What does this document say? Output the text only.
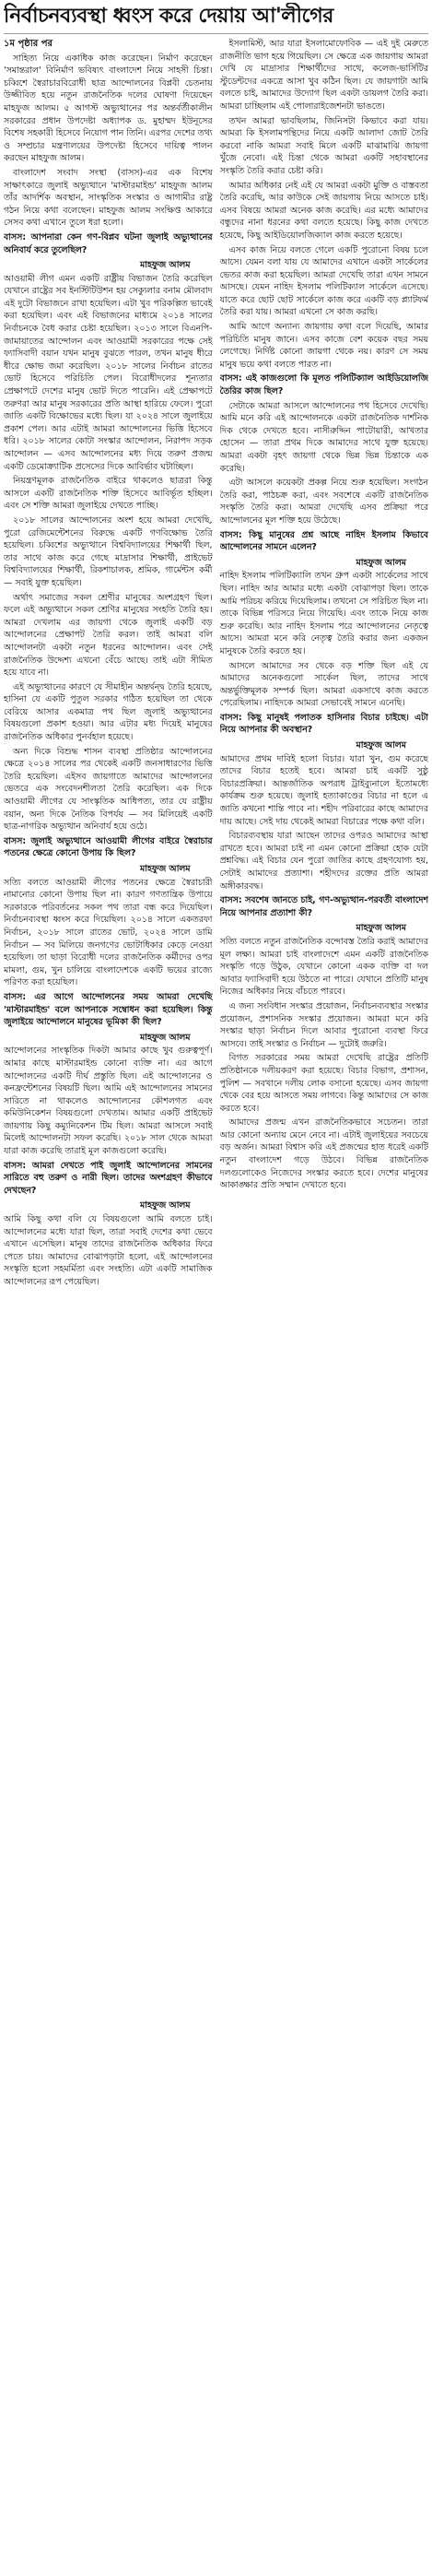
নির্বাচনব্যবস্থা ধ্বংস করে দেয়ায় আ'লীগের
১ম পৃষ্ঠার পর

সাহিত্য নিয়ে একাধিক কাজ করেছেন। নির্মাণ করেছেন 'সমান্তরাল' বিনির্মাণ ভবিষ্যৎ বাংলাদেশ নিয়ে সাহসী চিন্তা। চব্বিশে স্বৈরাচারবিরোধী ছাত্র আন্দোলনের বিপ্লবী চেতনায় উজ্জীবিত হয়ে নতুন রাজনৈতিক দলের ঘোষণা দিয়েছেন মাহফুজ আলম। ৫ আগস্ট অভ্যুত্থানের পর অন্তর্বর্তীকালীন সরকারের প্রধান উপদেষ্টা অধ্যাপক ড. মুহাম্মদ ইউনূসের বিশেষ সহকারী হিসেবে নিয়োগ পান তিনি। এরপর দেশের তথ্য ও সম্প্রচার মন্ত্রণালয়ের উপদেষ্টা হিসেবে দায়িত্ব পালন করছেন মাহফুজ আলম।

বাংলাদেশ সংবাদ সংস্থা (বাসস)-এর এক বিশেষ সাক্ষাৎকারে জুলাই অভ্যুত্থানে 'মাস্টারমাইন্ড' মাহফুজ আলম তাঁর আদর্শিক অবস্থান, সাংস্কৃতিক সংস্কার ও আগামীর রাষ্ট্র গঠন নিয়ে কথা বলেছেন। মাহফুজ আলম সংক্ষিপ্ত আকারে সেসব কথা এখানে তুলে ধরা হলো।

বাসস: আপনারা কেন গণ-বিপ্লব ঘটনা জুলাই অভ্যুত্থানের অনিবার্য করে তুলেছিল?

মাহফুজ আলম
আওয়ামী লীগ এমন একটি রাষ্ট্রীয় বিভাজন তৈরি করেছিল যেখানে রাষ্ট্রের সব ইনস্টিটিউশন হয় সেক্যুলার বনাম মৌলবাদ এই দুটো বিভাজনে রাখা হয়েছিল। এটা খুব পরিকল্পিত ভাবেই করা হয়েছিল। এবং এই বিভাজনের মাধ্যমে ২০১৪ সালের নির্বাচনকে বৈধ করার চেষ্টা হয়েছিল। ২০১৩ সালে বিএনপি-জামায়াতের আন্দোলন এবং আওয়ামী সরকারের পক্ষে সেই ফ্যাসিবাদী বয়ান যখন মানুষ বুঝতে পারল, তখন মানুষ ধীরে ধীরে ক্ষোভ জমা করেছিল। ২০১৮ সালের নির্বাচন রাতের ভোট হিসেবে পরিচিতি পেল। বিরোধীদলের শূন্যতার প্রেক্ষাপটে দেশের মানুষ ভোট দিতে পারেনি। এই প্রেক্ষাপটে তরুণরা আর মানুষ সরকারের প্রতি আস্থা হারিয়ে ফেলে। পুরো জাতি একটি বিক্ষোভের মধ্যে ছিল। যা ২০২৪ সালে জুলাইয়ে প্রকাশ পেল। আর এটাই আমরা আন্দোলনের ভিত্তি হিসেবে ধরি। ২০১৮ সালের কোটা সংস্কার আন্দোলন, নিরাপদ সড়ক আন্দোলন — এসব আন্দোলনের মধ্য দিয়ে তরুণ প্রজন্ম একটি ডেমোক্র্যাটিক প্রসেসের দিকে আবির্ভাব ঘটাচ্ছিল।

নিয়ন্ত্রণমূলক রাজনৈতিক বাইরে থাকলেও ছাত্ররা কিন্তু আসলে একটি রাজনৈতিক শক্তি হিসেবে আবির্ভূত হচ্ছিল। এবং সে শক্তি আমরা জুলাইয়ে দেখতে পাচ্ছি।

২০১৮ সালের আন্দোলনের অংশ হয়ে আমরা দেখেছি, পুরো রেজিমেন্টেশনের বিরুদ্ধে একটি গণবিক্ষোভ তৈরি হয়েছিল। চব্বিশের অভ্যুত্থানে বিশ্ববিদ্যালয়ের শিক্ষার্থী ছিল, তার সাথে কাজ করে গেছে মাদ্রাসার শিক্ষার্থী, প্রাইভেট বিশ্ববিদ্যালয়ের শিক্ষার্থী, রিকশাচালক, শ্রমিক, গার্মেন্টস কর্মী — সবাই যুক্ত হয়েছিল।

অর্থাৎ সমাজের সকল শ্রেণীর মানুষের অংশগ্রহণ ছিল। ফলে এই অভ্যুত্থানে সকল শ্রেণির মানুষের সংহতি তৈরি হয়। আমরা দেখলাম এর জায়গা থেকে জুলাই একটি বড় আন্দোলনের প্রেক্ষাপট তৈরি করল। তাই আমরা বলি আন্দোলনটা একটা নতুন ধরনের আন্দোলন। এবং সেই রাজনৈতিক উদ্দেশ্য এখনো বেঁচে আছে। তাই এটা সীমিত হয়ে যাবে না।

এই অভ্যুত্থানের কারণে যে সীমাহীন অন্তর্দ্বন্দ্ব তৈরি হয়েছে, হাসিনা যে একটি পুতুল সরকার গঠিত হয়েছিল তা থেকে বেরিয়ে আসার একমাত্র পথ ছিল জুলাই অভ্যুত্থানের বিষয়গুলো প্রকাশ হওয়া। আর এটার মধ্য দিয়েই মানুষের রাজনৈতিক অধিকার পুনর্বহাল হয়েছে।

অন্য দিকে বিশুদ্ধ শাসন ব্যবস্থা প্রতিষ্ঠার আন্দোলনের ক্ষেত্রে ২০১৪ সালের পর থেকেই একটি জনসাধারণের ভিত্তি তৈরি হয়েছিল। এইসব জায়গাতে আমাদের আন্দোলনের ভেতরে এক সংবেদনশীলতা তৈরি করেছিল। এক দিকে আওয়ামী লীগের যে সাংস্কৃতিক আধিপত্য, তার যে রাষ্ট্রীয় বয়ান, অন্য দিকে নৈতিক বিপর্যয় — সব মিলিয়েই একটি ছাত্র-নাগরিক অভ্যুত্থান অনিবার্য হয়ে ওঠে।

বাসস: জুলাই অভ্যুত্থানে আওয়ামী লীগের বাইরে স্বৈরাচার পতনের ক্ষেত্রে কোনো উপায় কি ছিল?

মাহফুজ আলম
সত্যি বলতে আওয়ামী লীগের পতনের ক্ষেত্রে স্বৈরাচারী নামানোর কোনো উপায় ছিল না। কারণ গণতান্ত্রিক উপায়ে সরকারকে পরিবর্তনের সকল পথ তারা বন্ধ করে দিয়েছিল। নির্বাচনব্যবস্থা ধ্বংস করে দিয়েছিল। ২০১৪ সালে একতরফা নির্বাচন, ২০১৮ সালে রাতের ভোট, ২০২৪ সালে ডামি নির্বাচন — সব মিলিয়ে জনগণের ভোটাধিকার কেড়ে নেওয়া হয়েছিল। তা ছাড়া বিরোধী দলের রাজনৈতিক কর্মীদের ওপর মামলা, গুম, খুন চালিয়ে বাংলাদেশকে একটি ভয়ের রাজ্যে পরিণত করা হয়েছিল।

বাসস: এর আগে আন্দোলনের সময় আমরা দেখেছি 'মাস্টারমাইন্ড' বলে আপনাকে সম্বোধন করা হয়েছিল। কিন্তু জুলাইয়ে আন্দোলনে মানুষের ভূমিকা কী ছিল?

মাহফুজ আলম
আন্দোলনের সাংস্কৃতিক দিকটা আমার কাছে খুব গুরুত্বপূর্ণ। আমার কাছে মাস্টারমাইন্ড কোনো ব্যক্তি না। এর আগে আন্দোলনের একটি দীর্ঘ প্রস্তুতি ছিল। এই আন্দোলনের ও কনফ্রন্টেশনের বিষয়টি ছিল। আমি এই আন্দোলনের সামনের সারিতে না থাকলেও আন্দোলনের কৌশলগত এবং কমিউনিকেশন বিষয়গুলো দেখতাম। আমার একটি প্রাইভেট জায়গায় কিছু কম্যুনিকেশন টিম ছিল। আমরা আসলে সবাই মিলেই আন্দোলনটা সফল করেছি। ২০১৮ সাল থেকে আমরা যারা কাজ করেছি তারাই মূল কাজগুলো করেছি।

বাসস: আমরা দেখতে পাই জুলাই আন্দোলনের সামনের সারিতে বহু তরুণ ও নারী ছিল। তাদের অংশগ্রহণ কীভাবে দেখছেন?

মাহফুজ আলম
আমি কিছু কথা বলি যে বিষয়গুলো আমি বলতে চাই। আন্দোলনের মধ্যে যারা ছিল, তারা সবাই দেশের কথা ভেবে এখানে এসেছিল। মানুষ তাদের রাজনৈতিক অধিকার ফিরে পেতে চায়। আমাদের বোঝাপড়াটা হলো, এই আন্দোলনের সংস্কৃতি হলো সহমর্মিতা এবং সংহতি। এটা একটি সামাজিক আন্দোলনের রূপ পেয়েছিল।

ইসলামিস্ট, আর যারা ইসলামোফোবিক — এই দুই মেরুতে রাজনীতি ভাগ হয়ে গিয়েছিল। সে ক্ষেত্রে এক জায়গায় আমরা দেখি যে মাদ্রাসার শিক্ষার্থীদের সাথে, কলেজ-ভার্সিটির স্টুডেন্টদের একত্রে আসা খুব কঠিন ছিল। যে জায়গাটা আমি বলতে চাই, আমাদের উদ্যোগ ছিল একটা ডায়লগ তৈরি করা। আমরা চাচ্ছিলাম এই পোলারাইজেশনটা ভাঙতে।

তখন আমরা ভাবছিলাম, জিনিসটা কিভাবে করা যায়। আমরা কি ইসলামপন্থিদের নিয়ে একটি আলাদা জোট তৈরি করবো নাকি আমরা সবাই মিলে একটি মাঝামাঝি জায়গা খুঁজে নেবো। এই চিন্তা থেকে আমরা একটি সহাবস্থানের সংস্কৃতি তৈরি করার চেষ্টা করি।

আমার অধিকার নেই এই যে আমরা একটা মুক্তি ও বাস্তবতা তৈরি করেছি, আর কাউকে সেই জায়গায় নিয়ে আসতে চাই। এসব বিষয়ে আমরা অনেক কাজ করেছি। এর মধ্যে আমাদের বন্ধুদের নানা ধরনের কথা বলতে হয়েছে। কিছু কাজ দেখতে হয়েছে, কিছু আইডিয়োলজিক্যাল কাজ করতে হয়েছে।

এসব কাজ নিয়ে বলতে গেলে একটি পুরোনো বিষয় চলে আসে। যেমন বলা যায় যে আমাদের এখানে একটা সার্কেলের ভেতর কাজ করা হয়েছিল। আমরা দেখেছি তারা এখন সামনে আসছে। যেমন নাহিদ ইসলাম পলিটিক্যাল সার্কেলে এসেছে। যাতে করে ছোট ছোট সার্কেলে কাজ করে একটি বড় প্ল্যাটফর্ম তৈরি করা যায়। আমরা এখনো সে কাজ করছি।

আমি আগে অন্যান্য জায়গায় কথা বলে দিয়েছি, আমার পরিচিতি মানুষ জানে। এসব কাজে বেশ কয়েক বছর সময় লেগেছে। নির্দিষ্ট কোনো জায়গা থেকে নয়। কারণ সে সময় মানুষ ভয়ে কথা বলতে পারত না।

বাসস: এই কাজগুলো কি মূলত পলিটিক্যাল আইডিয়োলজি তৈরির কাজ ছিল?

সেটাকে আমরা আসলে আন্দোলনের পথ হিসেবে দেখেছি। আমি মনে করি এই আন্দোলনকে একটা রাজনৈতিক দার্শনিক দিক থেকে দেখতে হবে। নাসীরুদ্দিন পাটোয়ারী, আখতার হোসেন — তারা প্রথম দিকে আমাদের সাথে যুক্ত হয়েছে। আমরা একটা বৃহৎ জায়গা থেকে ভিন্ন ভিন্ন চিন্তাকে এক করেছি।

এটা আসলে কয়েকটা প্রকল্প নিয়ে শুরু হয়েছিল। সংগঠন তৈরি করা, পাঠচক্র করা, এবং সবশেষে একটি রাজনৈতিক সংস্কৃতি তৈরি করা। আমরা দেখেছি এসব প্রক্রিয়া পরে আন্দোলনের মূল শক্তি হয়ে উঠেছে।

বাসস: কিছু মানুষের প্রশ্ন আছে নাহিদ ইসলাম কিভাবে আন্দোলনের সামনে এলেন?

মাহফুজ আলম
নাহিদ ইসলাম পলিটিক্যালি তখন গ্রুপ একটা সার্কেলের সাথে ছিল। নাহিদ আর আমার মধ্যে একটা বোঝাপড়া ছিল। তাকে আমি পরিচয় করিয়ে দিয়েছিলাম। তখনো সে পরিচিত ছিল না। তাকে বিভিন্ন পরিসরে নিয়ে গিয়েছি। এবং তাকে নিয়ে কাজ শুরু করেছি। আর নাহিদ ইসলাম পরে আন্দোলনের নেতৃত্বে আসে। আমরা মনে করি নেতৃত্ব তৈরি করার জন্য একজন মানুষকে তৈরি করতে হয়।

আসলে আমাদের সব থেকে বড় শক্তি ছিল এই যে আমাদের অনেকগুলো সার্কেল ছিল, তাদের সাথে অন্তর্ভুক্তিমূলক সম্পর্ক ছিল। আমরা একসাথে কাজ করতে পেরেছিলাম। নাহিদকে আমরা সেভাবেই সামনে এনেছি।

বাসস: কিছু মানুষই পলাতক হাসিনার বিচার চাইছে। এটা নিয়ে আপনার কী অবস্থান?

মাহফুজ আলম
আমাদের প্রথম দাবিই হলো বিচার। যারা খুন, গুম করেছে তাদের বিচার হতেই হবে। আমরা চাই একটি সুষ্ঠু বিচারপ্রক্রিয়া। আন্তর্জাতিক অপরাধ ট্রাইব্যুনালে ইতোমধ্যে কার্যক্রম শুরু হয়েছে। জুলাই হত্যাকাণ্ডের বিচার না হলে এ জাতি কখনো শান্তি পাবে না। শহীদ পরিবারের কাছে আমাদের দায় আছে। সেই দায় থেকেই আমরা বিচারের পক্ষে কথা বলি।

বিচারব্যবস্থায় যারা আছেন তাদের ওপরও আমাদের আস্থা রাখতে হবে। আমরা চাই না এমন কোনো প্রক্রিয়া হোক যেটা প্রশ্নবিদ্ধ। এই বিচার যেন পুরো জাতির কাছে গ্রহণযোগ্য হয়, সেটাই আমাদের প্রত্যাশা। শহীদদের রক্তের প্রতি আমরা অঙ্গীকারবদ্ধ।

বাসস: সবশেষ জানতে চাই, গণ-অভ্যুত্থান-পরবর্তী বাংলাদেশ নিয়ে আপনার প্রত্যাশা কী?

মাহফুজ আলম
সত্যি বলতে নতুন রাজনৈতিক বন্দোবস্ত তৈরি করাই আমাদের মূল লক্ষ্য। আমরা চাই বাংলাদেশে এমন একটি রাজনৈতিক সংস্কৃতি গড়ে উঠুক, যেখানে কোনো একক ব্যক্তি বা দল আবার ফ্যাসিবাদী হয়ে উঠতে না পারে। যেখানে প্রতিটি মানুষ নিজের অধিকার নিয়ে বাঁচতে পারবে।

এ জন্য সংবিধান সংস্কার প্রয়োজন, নির্বাচনব্যবস্থার সংস্কার প্রয়োজন, প্রশাসনিক সংস্কার প্রয়োজন। আমরা মনে করি সংস্কার ছাড়া নির্বাচন দিলে আবার পুরোনো ব্যবস্থা ফিরে আসবে। তাই সংস্কার ও নির্বাচন — দুটোই জরুরি।

বিগত সরকারের সময় আমরা দেখেছি রাষ্ট্রের প্রতিটি প্রতিষ্ঠানকে দলীয়করণ করা হয়েছে। বিচার বিভাগ, প্রশাসন, পুলিশ — সবখানে দলীয় লোক বসানো হয়েছে। এসব জায়গা থেকে বের হয়ে আসতে সময় লাগবে। কিন্তু আমাদের সে কাজ করতে হবে।

আমাদের প্রজন্ম এখন রাজনৈতিকভাবে সচেতন। তারা আর কোনো অন্যায় মেনে নেবে না। এটাই জুলাইয়ের সবচেয়ে বড় অর্জন। আমরা বিশ্বাস করি এই প্রজন্মের হাত ধরেই একটি নতুন বাংলাদেশ গড়ে উঠবে। বিভিন্ন রাজনৈতিক দলগুলোকেও নিজেদের সংস্কার করতে হবে। দেশের মানুষের আকাঙ্ক্ষার প্রতি সম্মান দেখাতে হবে।
